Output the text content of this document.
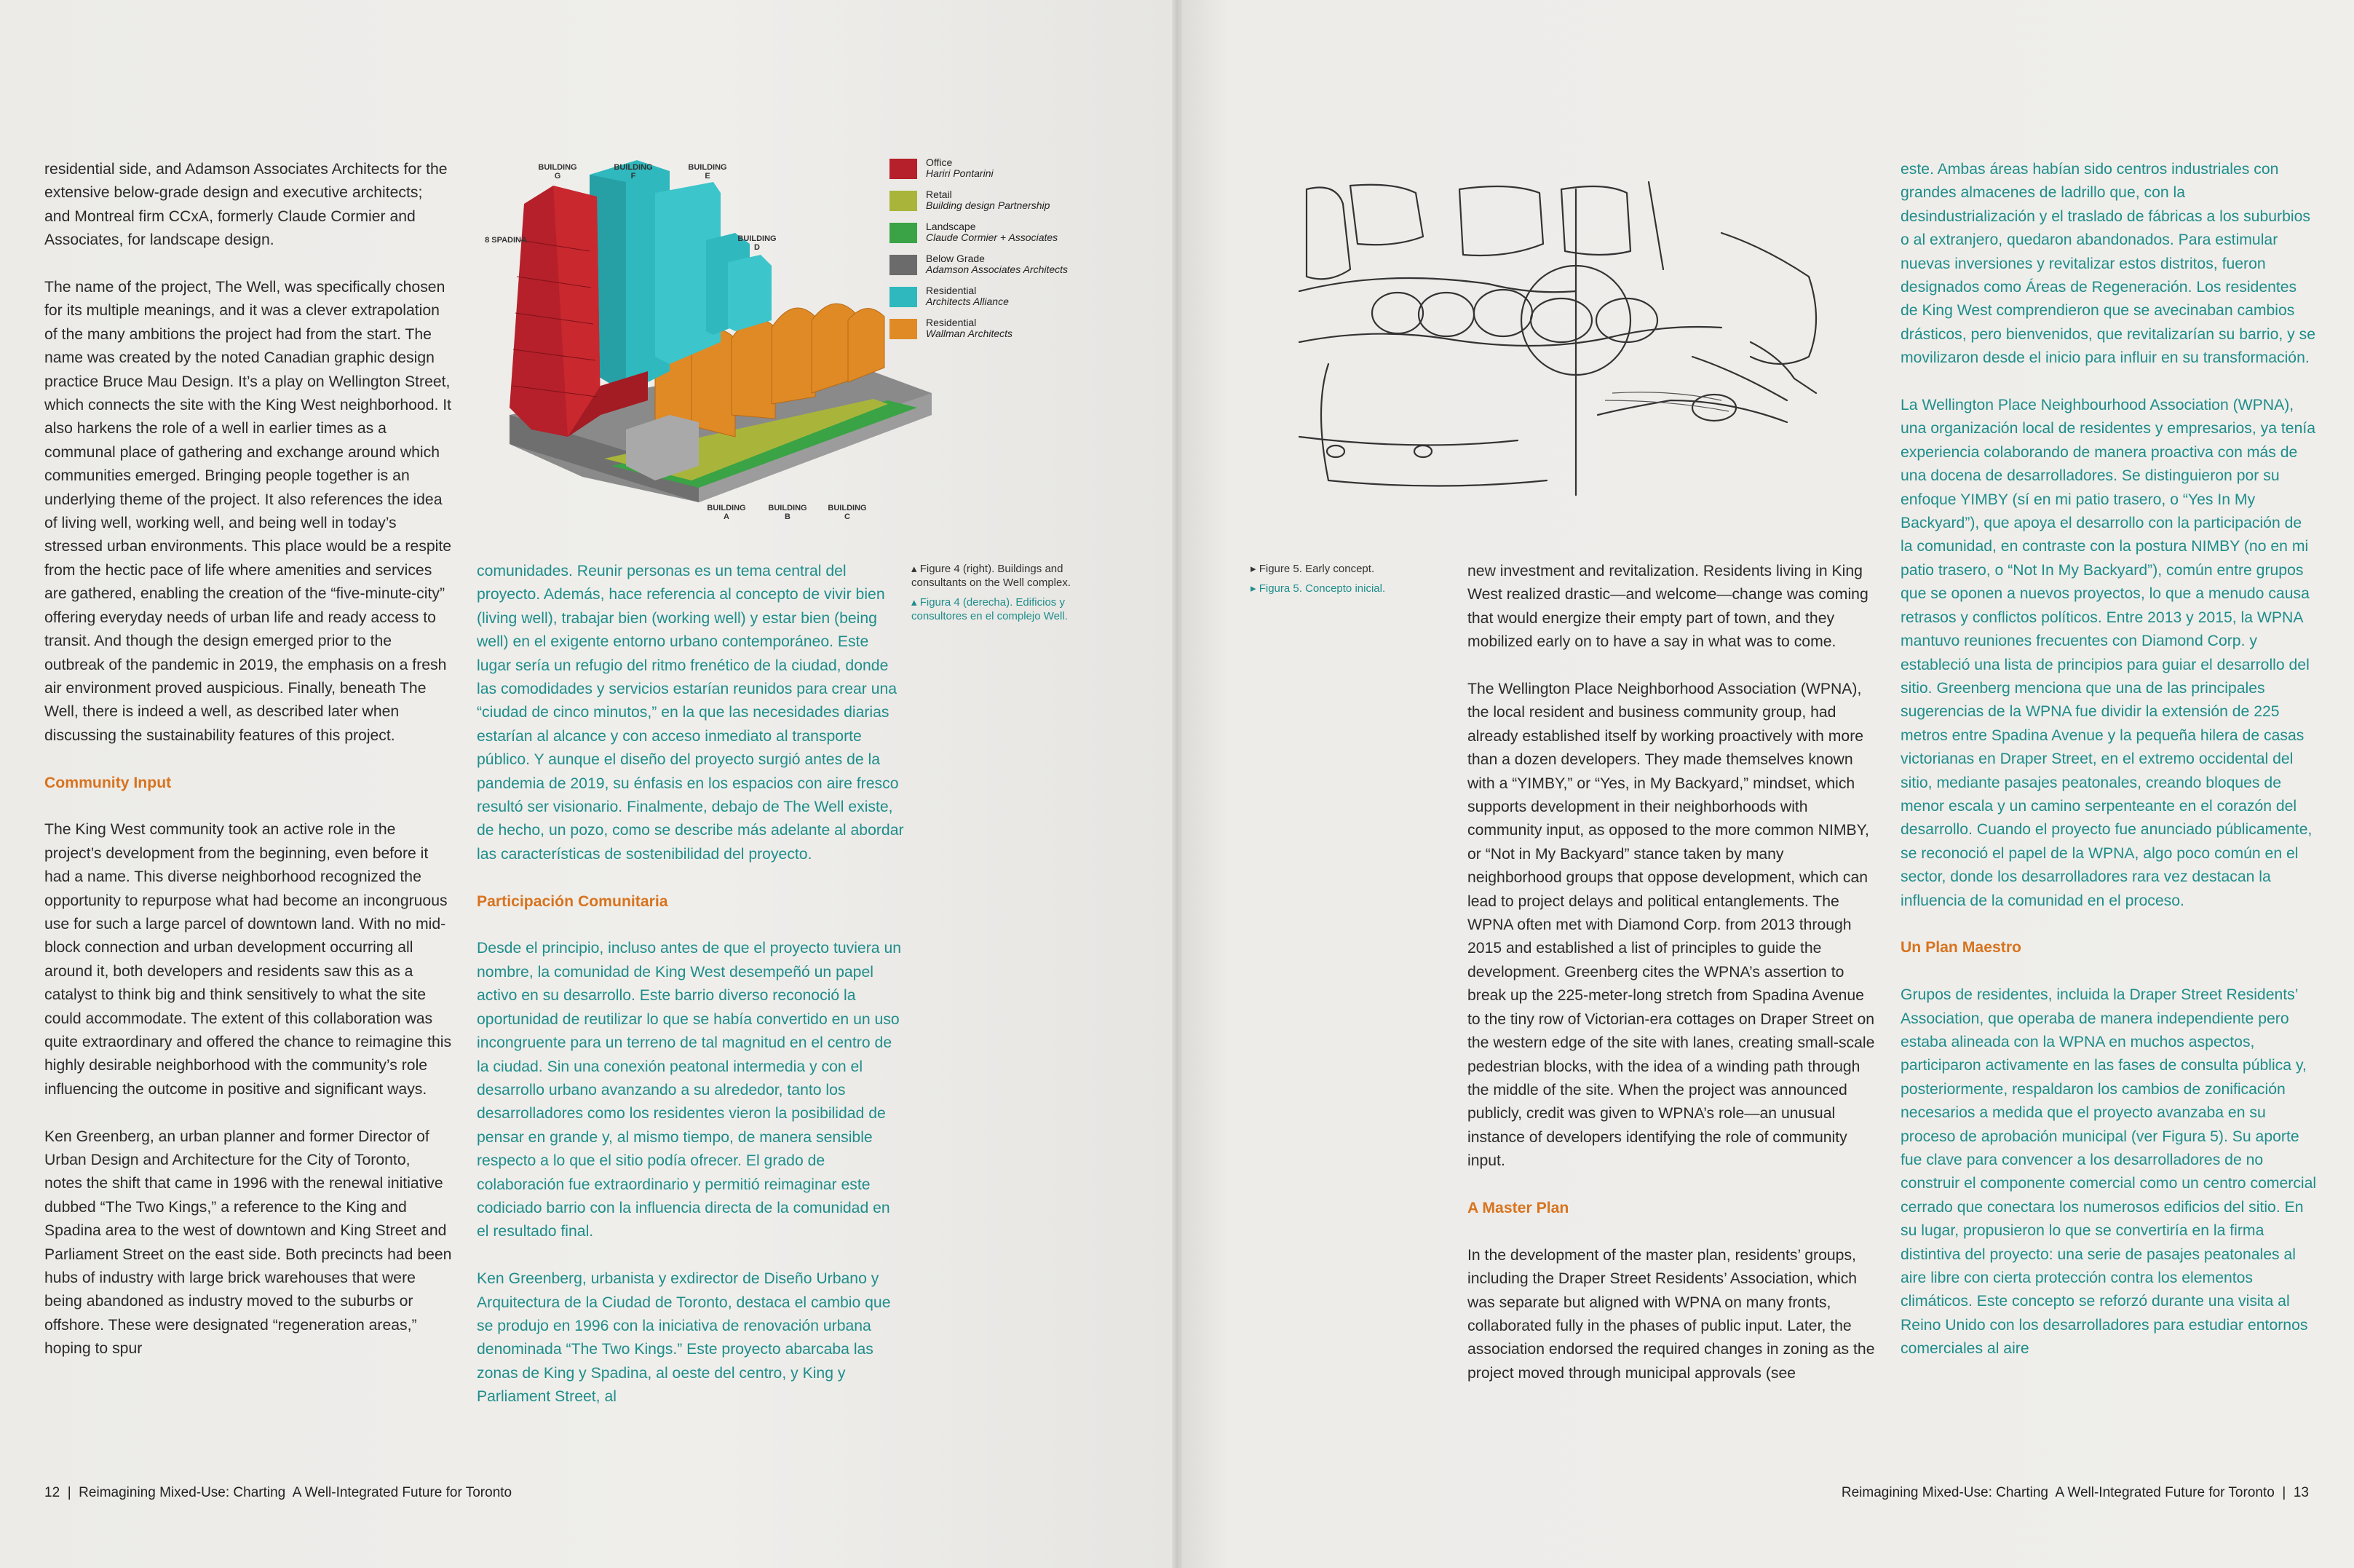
residential side, and Adamson Associates Architects for the extensive below-grade design and executive architects; and Montreal firm CCxA, formerly Claude Cormier and Associates, for landscape design.

The name of the project, The Well, was specifically chosen for its multiple meanings, and it was a clever extrapolation of the many ambitions the project had from the start. The name was created by the noted Canadian graphic design practice Bruce Mau Design. It’s a play on Wellington Street, which connects the site with the King West neighborhood. It also harkens the role of a well in earlier times as a communal place of gathering and exchange around which communities emerged. Bringing people together is an underlying theme of the project. It also references the idea of living well, working well, and being well in today’s stressed urban environments. This place would be a respite from the hectic pace of life where amenities and services are gathered, enabling the creation of the “five-minute-city” offering everyday needs of urban life and ready access to transit. And though the design emerged prior to the outbreak of the pandemic in 2019, the emphasis on a fresh air environment proved auspicious. Finally, beneath The Well, there is indeed a well, as described later when discussing the sustainability features of this project.

Community Input

The King West community took an active role in the project’s development from the beginning, even before it had a name. This diverse neighborhood recognized the opportunity to repurpose what had become an incongruous use for such a large parcel of downtown land. With no mid-block connection and urban development occurring all around it, both developers and residents saw this as a catalyst to think big and think sensitively to what the site could accommodate. The extent of this collaboration was quite extraordinary and offered the chance to reimagine this highly desirable neighborhood with the community’s role influencing the outcome in positive and significant ways.

Ken Greenberg, an urban planner and former Director of Urban Design and Architecture for the City of Toronto, notes the shift that came in 1996 with the renewal initiative dubbed “The Two Kings,” a reference to the King and Spadina area to the west of downtown and King Street and Parliament Street on the east side. Both precincts had been hubs of industry with large brick warehouses that were being abandoned as industry moved to the suburbs or offshore. These were designated “regeneration areas,” hoping to spur

BUILDING G
BUILDING F
BUILDING E
BUILDING D
8 SPADINA
BUILDING A
BUILDING B
BUILDING C
Office
Hariri Pontarini
Retail
Building design Partnership
Landscape
Claude Cormier + Associates
Below Grade
Adamson Associates Architects
Residential
Architects Alliance
Residential
Wallman Architects
▴ Figure 4 (right). Buildings and consultants on the Well complex.
▴ Figura 4 (derecha). Edificios y consultores en el complejo Well.

comunidades. Reunir personas es un tema central del proyecto. Además, hace referencia al concepto de vivir bien (living well), trabajar bien (working well) y estar bien (being well) en el exigente entorno urbano contemporáneo. Este lugar sería un refugio del ritmo frenético de la ciudad, donde las comodidades y servicios estarían reunidos para crear una “ciudad de cinco minutos,” en la que las necesidades diarias estarían al alcance y con acceso inmediato al transporte público. Y aunque el diseño del proyecto surgió antes de la pandemia de 2019, su énfasis en los espacios con aire fresco resultó ser visionario. Finalmente, debajo de The Well existe, de hecho, un pozo, como se describe más adelante al abordar las características de sostenibilidad del proyecto.

Participación Comunitaria

Desde el principio, incluso antes de que el proyecto tuviera un nombre, la comunidad de King West desempeñó un papel activo en su desarrollo. Este barrio diverso reconoció la oportunidad de reutilizar lo que se había convertido en un uso incongruente para un terreno de tal magnitud en el centro de la ciudad. Sin una conexión peatonal intermedia y con el desarrollo urbano avanzando a su alrededor, tanto los desarrolladores como los residentes vieron la posibilidad de pensar en grande y, al mismo tiempo, de manera sensible respecto a lo que el sitio podía ofrecer. El grado de colaboración fue extraordinario y permitió reimaginar este codiciado barrio con la influencia directa de la comunidad en el resultado final.

Ken Greenberg, urbanista y exdirector de Diseño Urbano y Arquitectura de la Ciudad de Toronto, destaca el cambio que se produjo en 1996 con la iniciativa de renovación urbana denominada “The Two Kings.” Este proyecto abarcaba las zonas de King y Spadina, al oeste del centro, y King y Parliament Street, al

12  |  Reimagining Mixed-Use: Charting  A Well-Integrated Future for Toronto
▸ Figure 5. Early concept.
▸ Figura 5. Concepto inicial.

new investment and revitalization. Residents living in King West realized drastic—and welcome—change was coming that would energize their empty part of town, and they mobilized early on to have a say in what was to come.

The Wellington Place Neighborhood Association (WPNA), the local resident and business community group, had already established itself by working proactively with more than a dozen developers. They made themselves known with a “YIMBY,” or “Yes, in My Backyard,” mindset, which supports development in their neighborhoods with community input, as opposed to the more common NIMBY, or “Not in My Backyard” stance taken by many neighborhood groups that oppose development, which can lead to project delays and political entanglements. The WPNA often met with Diamond Corp. from 2013 through 2015 and established a list of principles to guide the development. Greenberg cites the WPNA’s assertion to break up the 225-meter-long stretch from Spadina Avenue to the tiny row of Victorian-era cottages on Draper Street on the western edge of the site with lanes, creating small-scale pedestrian blocks, with the idea of a winding path through the middle of the site. When the project was announced publicly, credit was given to WPNA’s role—an unusual instance of developers identifying the role of community input.

A Master Plan

In the development of the master plan, residents’ groups, including the Draper Street Residents’ Association, which was separate but aligned with WPNA on many fronts, collaborated fully in the phases of public input. Later, the association endorsed the required changes in zoning as the project moved through municipal approvals (see

este. Ambas áreas habían sido centros industriales con grandes almacenes de ladrillo que, con la desindustrialización y el traslado de fábricas a los suburbios o al extranjero, quedaron abandonados. Para estimular nuevas inversiones y revitalizar estos distritos, fueron designados como Áreas de Regeneración. Los residentes de King West comprendieron que se avecinaban cambios drásticos, pero bienvenidos, que revitalizarían su barrio, y se movilizaron desde el inicio para influir en su transformación.

La Wellington Place Neighbourhood Association (WPNA), una organización local de residentes y empresarios, ya tenía experiencia colaborando de manera proactiva con más de una docena de desarrolladores. Se distinguieron por su enfoque YIMBY (sí en mi patio trasero, o “Yes In My Backyard”), que apoya el desarrollo con la participación de la comunidad, en contraste con la postura NIMBY (no en mi patio trasero, o “Not In My Backyard”), común entre grupos que se oponen a nuevos proyectos, lo que a menudo causa retrasos y conflictos políticos. Entre 2013 y 2015, la WPNA mantuvo reuniones frecuentes con Diamond Corp. y estableció una lista de principios para guiar el desarrollo del sitio. Greenberg menciona que una de las principales sugerencias de la WPNA fue dividir la extensión de 225 metros entre Spadina Avenue y la pequeña hilera de casas victorianas en Draper Street, en el extremo occidental del sitio, mediante pasajes peatonales, creando bloques de menor escala y un camino serpenteante en el corazón del desarrollo. Cuando el proyecto fue anunciado públicamente, se reconoció el papel de la WPNA, algo poco común en el sector, donde los desarrolladores rara vez destacan la influencia de la comunidad en el proceso.

Un Plan Maestro

Grupos de residentes, incluida la Draper Street Residents’ Association, que operaba de manera independiente pero estaba alineada con la WPNA en muchos aspectos, participaron activamente en las fases de consulta pública y, posteriormente, respaldaron los cambios de zonificación necesarios a medida que el proyecto avanzaba en su proceso de aprobación municipal (ver Figura 5). Su aporte fue clave para convencer a los desarrolladores de no construir el componente comercial como un centro comercial cerrado que conectara los numerosos edificios del sitio. En su lugar, propusieron lo que se convertiría en la firma distintiva del proyecto: una serie de pasajes peatonales al aire libre con cierta protección contra los elementos climáticos. Este concepto se reforzó durante una visita al Reino Unido con los desarrolladores para estudiar entornos comerciales al aire

Reimagining Mixed-Use: Charting  A Well-Integrated Future for Toronto  |  13
